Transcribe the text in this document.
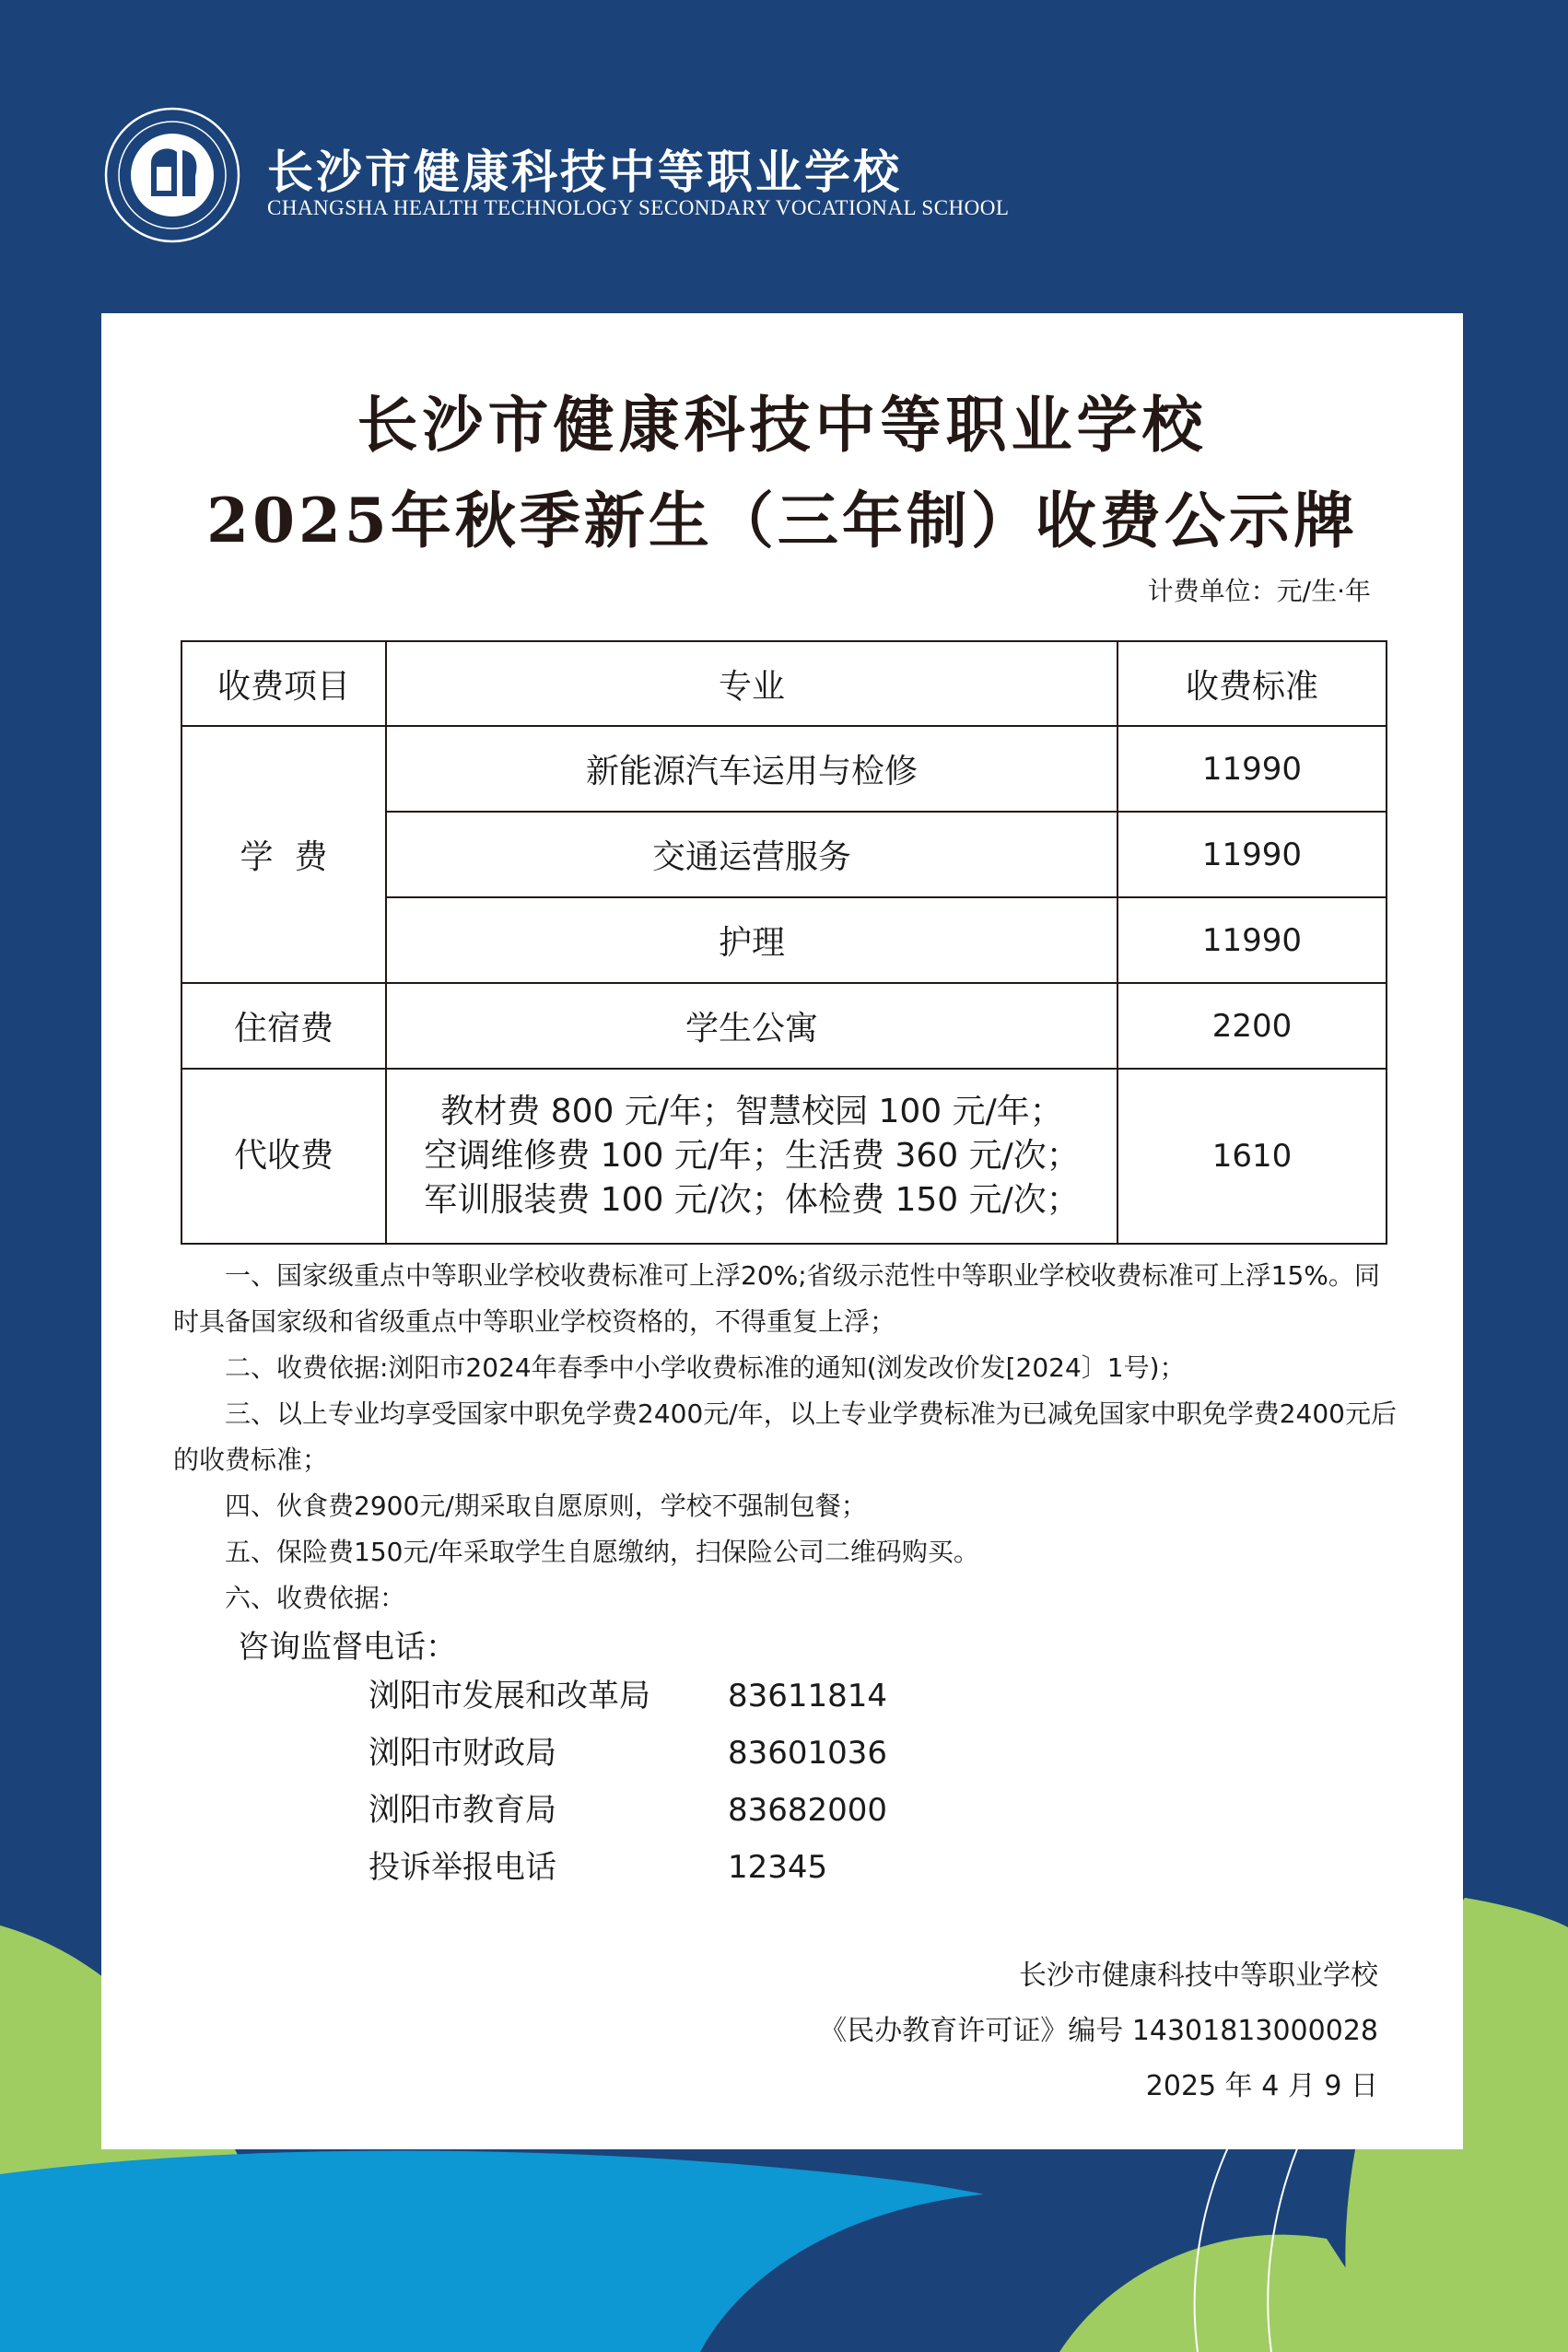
长沙市健康科技中等职业学校
CHANGSHA HEALTH TECHNOLOGY SECONDARY VOCATIONAL SCHOOL
长沙市健康科技中等职业学校
2025年秋季新生（三年制）收费公示牌
计费单位：元/生·年
收费项目	专业	收费标准
学  费	新能源汽车运用与检修	11990
	交通运营服务	11990
	护理	11990
住宿费	学生公寓	2200
代收费	教材费 800 元/年；智慧校园 100 元/年；
空调维修费 100 元/年；生活费 360 元/次；
军训服装费 100 元/次；体检费 150 元/次；	1610

一、国家级重点中等职业学校收费标准可上浮20%;省级示范性中等职业学校收费标准可上浮15%。同时具备国家级和省级重点中等职业学校资格的，不得重复上浮；

二、收费依据:浏阳市2024年春季中小学收费标准的通知(浏发改价发[2024〕1号)；

三、以上专业均享受国家中职免学费2400元/年，以上专业学费标准为已减免国家中职免学费2400元后的收费标准；

四、伙食费2900元/期采取自愿原则，学校不强制包餐；

五、保险费150元/年采取学生自愿缴纳，扫保险公司二维码购买。

六、收费依据：

咨询监督电话：
浏阳市发展和改革局 83611814
浏阳市财政局	83601036
浏阳市教育局	83682000
投诉举报电话	12345
长沙市健康科技中等职业学校
《民办教育许可证》编号 14301813000028
2025 年 4 月 9 日
